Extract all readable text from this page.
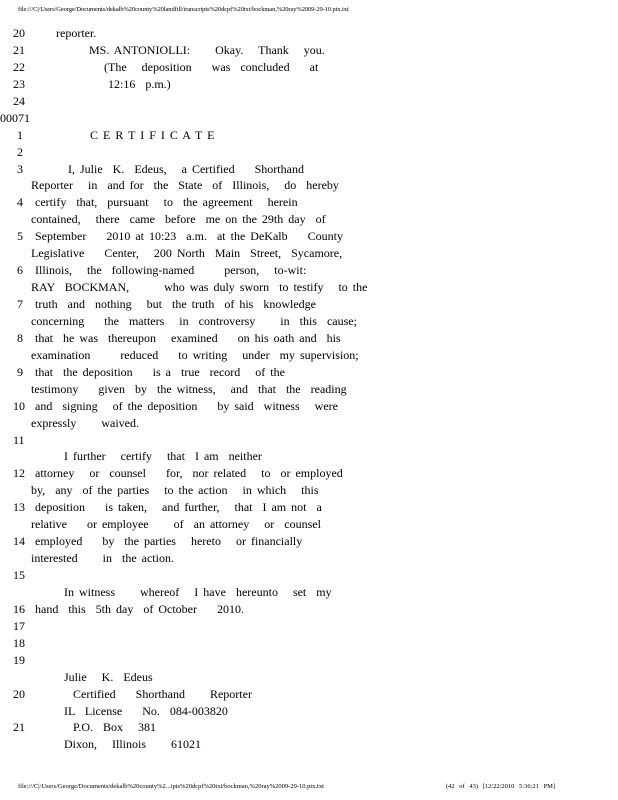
file:///C|/Users/George/Documents/dekalb%20county%20landfill/transcripts%20dcpf%20txt/bockman,%20ray%2009-29-10.ptx.txt
20	reporter.
21	MS. ANTONIOLLI:     Okay.   Thank   you.
22	(The   deposition    was  concluded    at
23	12:16  p.m.)
24
00071
1	C E R T I F I C A T E
2
3	I, Julie  K.  Edeus,   a Certified    Shorthand
Reporter   in  and for  the  State  of  Illinois,   do  hereby
4 certify  that,  pursuant   to  the agreement   herein
contained,   there  came  before  me on the 29th day  of
5 September    2010 at 10:23  a.m.  at the DeKalb    County
Legislative    Center,   200 North  Main  Street,  Sycamore,
6 Illinois,   the  following-named      person,   to-wit:
RAY  BOCKMAN,       who was duly sworn  to testify   to the
7 truth  and  nothing   but  the truth  of his  knowledge
concerning    the  matters   in  controversy     in  this  cause;
8 that  he was  thereupon   examined    on his oath and  his
examination      reduced    to writing   under  my supervision;
9 that  the deposition    is a  true  record   of the
testimony    given  by  the witness,   and  that  the  reading
10 and  signing   of the deposition    by said  witness   were
expressly     waived.
11
I further   certify   that  I am  neither
12 attorney   or  counsel    for,  nor related   to  or employed
by,  any  of the parties   to the action   in which   this
13 deposition    is taken,   and further,   that  I am not  a
relative    or employee     of  an attorney   or  counsel
14 employed    by  the parties   hereto   or financially
interested     in  the action.
15
In witness     whereof   I have  hereunto   set  my
16 hand  this  5th day  of October    2010.
17
18
19
Julie   K.  Edeus
20	Certified    Shorthand     Reporter
IL  License    No.  084-003820
21	P.O.  Box   381
Dixon,   Illinois     61021
file:///C|/Users/George/Documents/dekalb%20county%2...ipts%20dcpf%20txt/bockman,%20ray%2009-29-10.ptx.txt	(42 of 43) [12/22/2010 5:36:21 PM]
